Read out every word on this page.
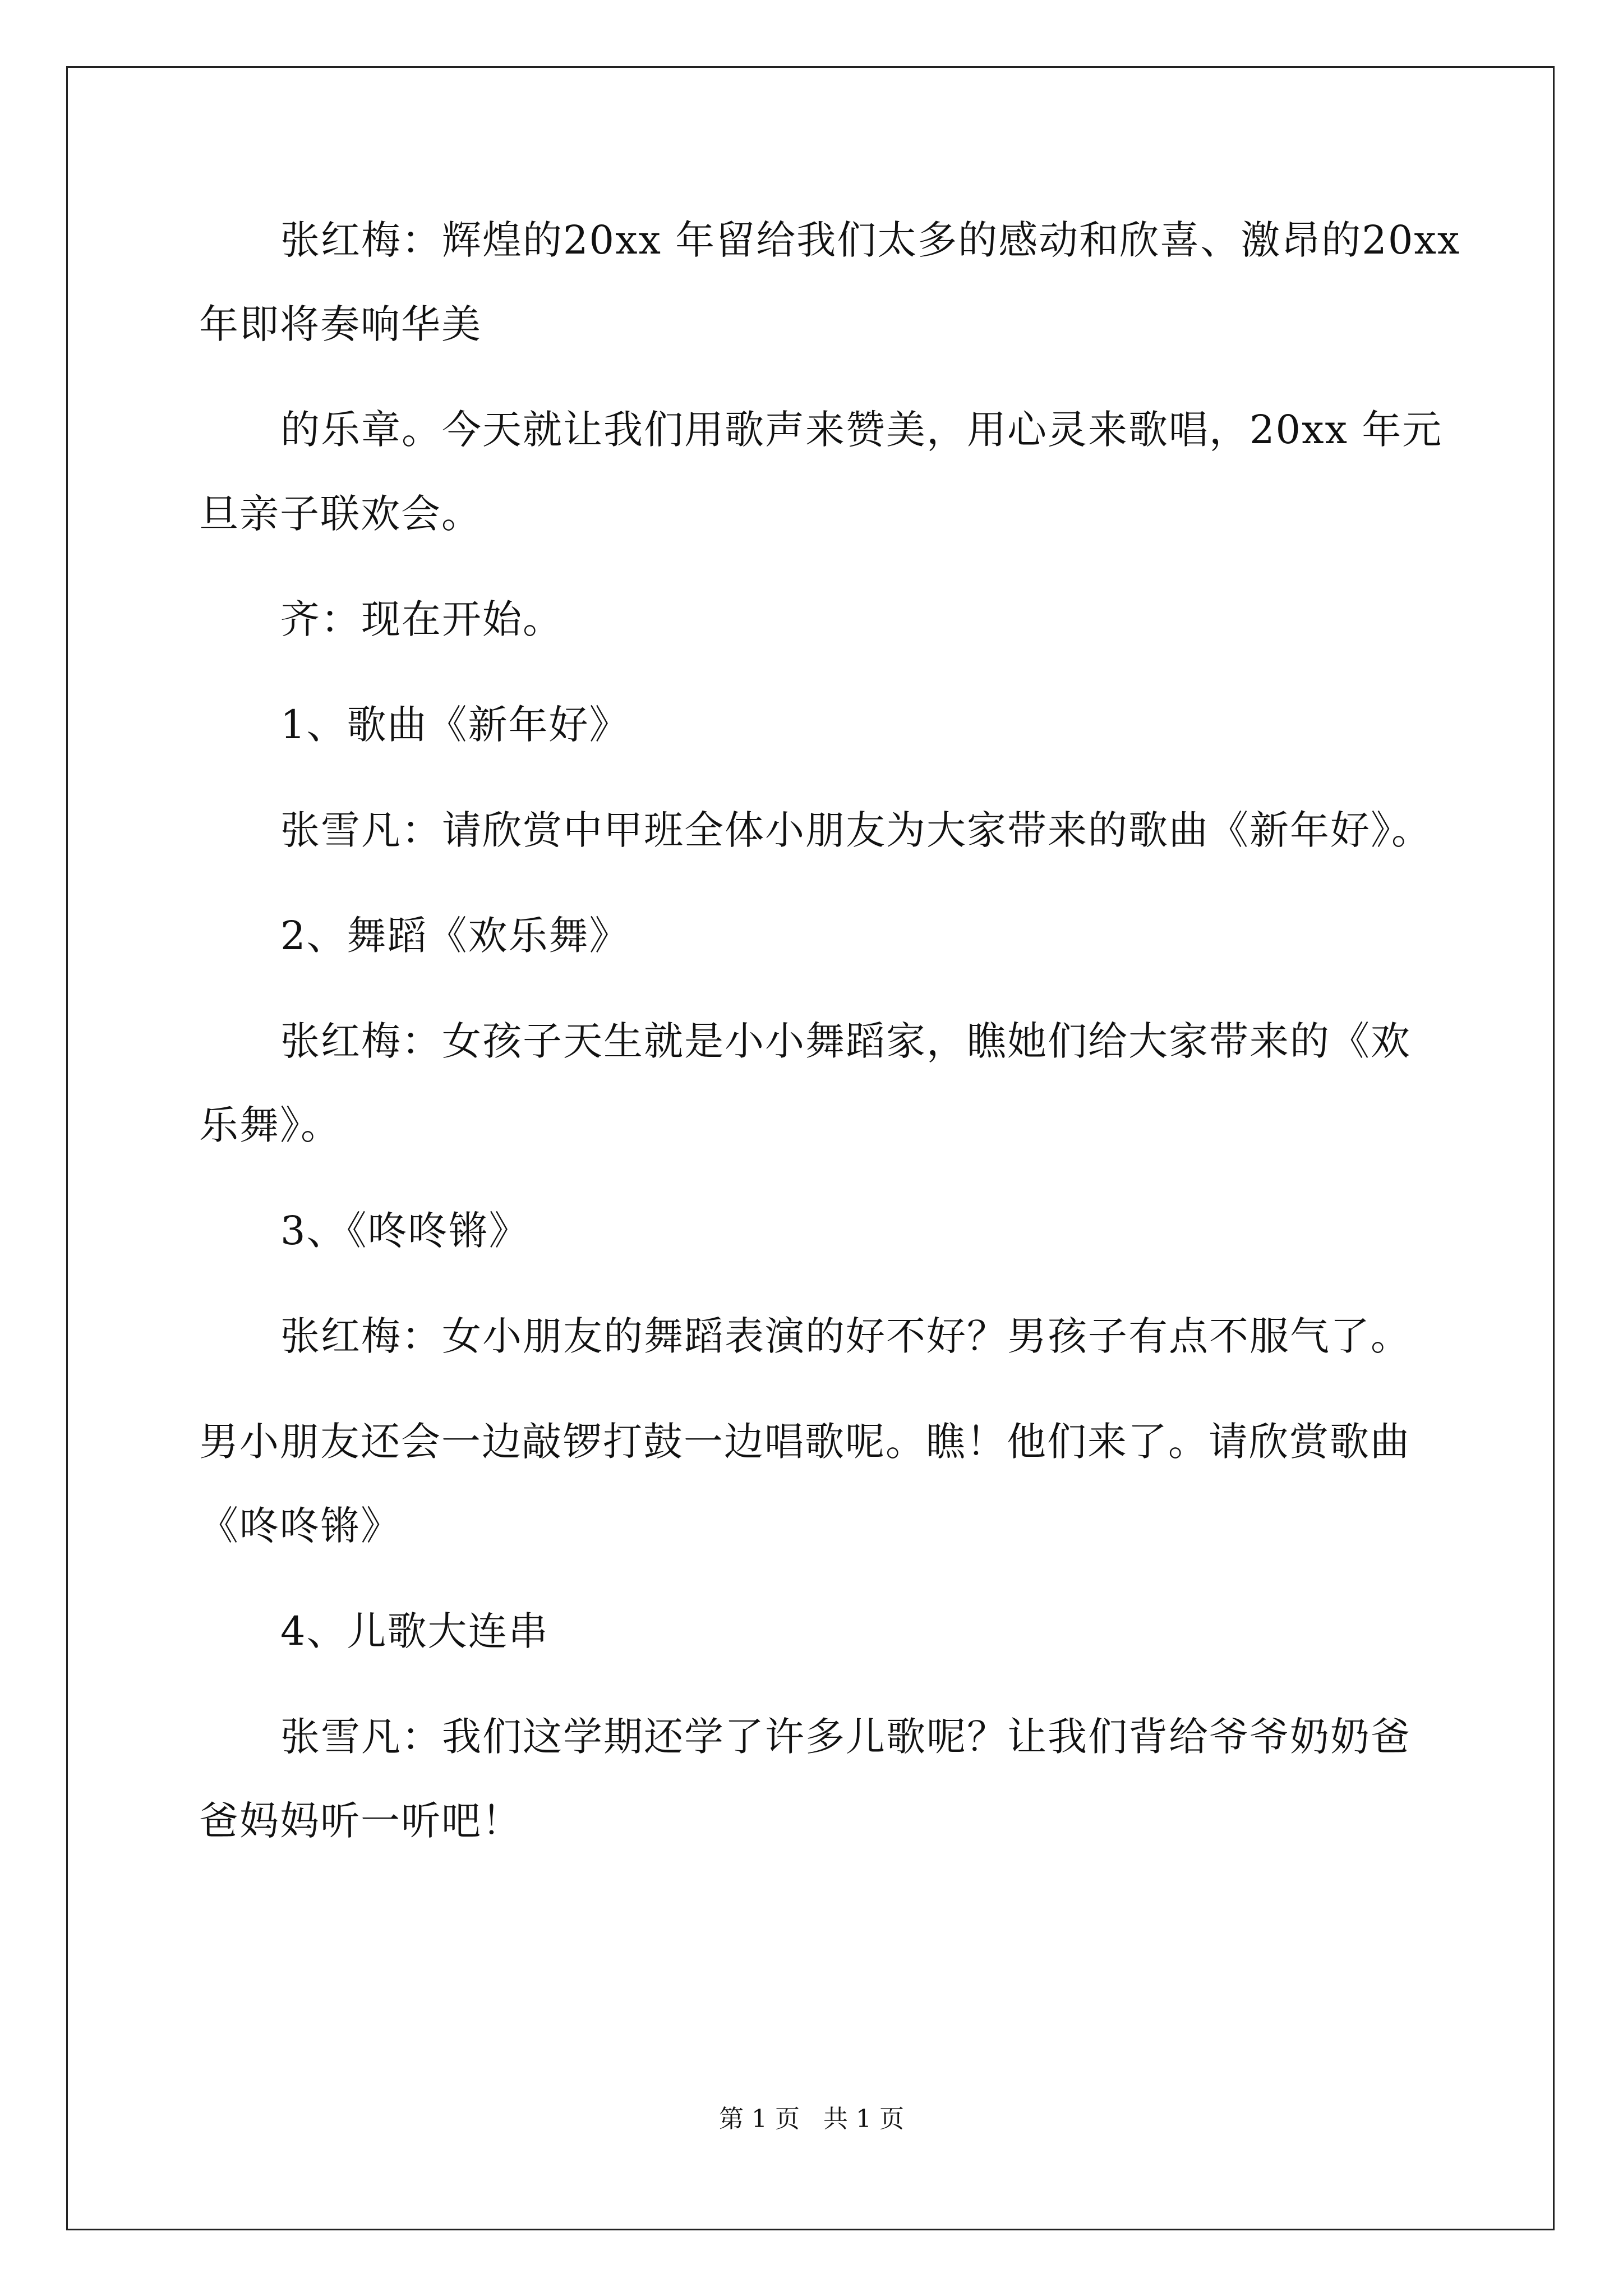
张红梅：辉煌的20xx 年留给我们太多的感动和欣喜、激昂的20xx
年即将奏响华美
的乐章。今天就让我们用歌声来赞美，用心灵来歌唱，20xx 年元
旦亲子联欢会。
齐：现在开始。
1、歌曲《新年好》
张雪凡：请欣赏中甲班全体小朋友为大家带来的歌曲《新年好》。
2、舞蹈《欢乐舞》
张红梅：女孩子天生就是小小舞蹈家，瞧她们给大家带来的《欢
乐舞》。
3、《咚咚锵》
张红梅：女小朋友的舞蹈表演的好不好？男孩子有点不服气了。
男小朋友还会一边敲锣打鼓一边唱歌呢。瞧！他们来了。请欣赏歌曲
《咚咚锵》
4、儿歌大连串
张雪凡：我们这学期还学了许多儿歌呢？让我们背给爷爷奶奶爸
爸妈妈听一听吧！
第 1 页   共 1 页
